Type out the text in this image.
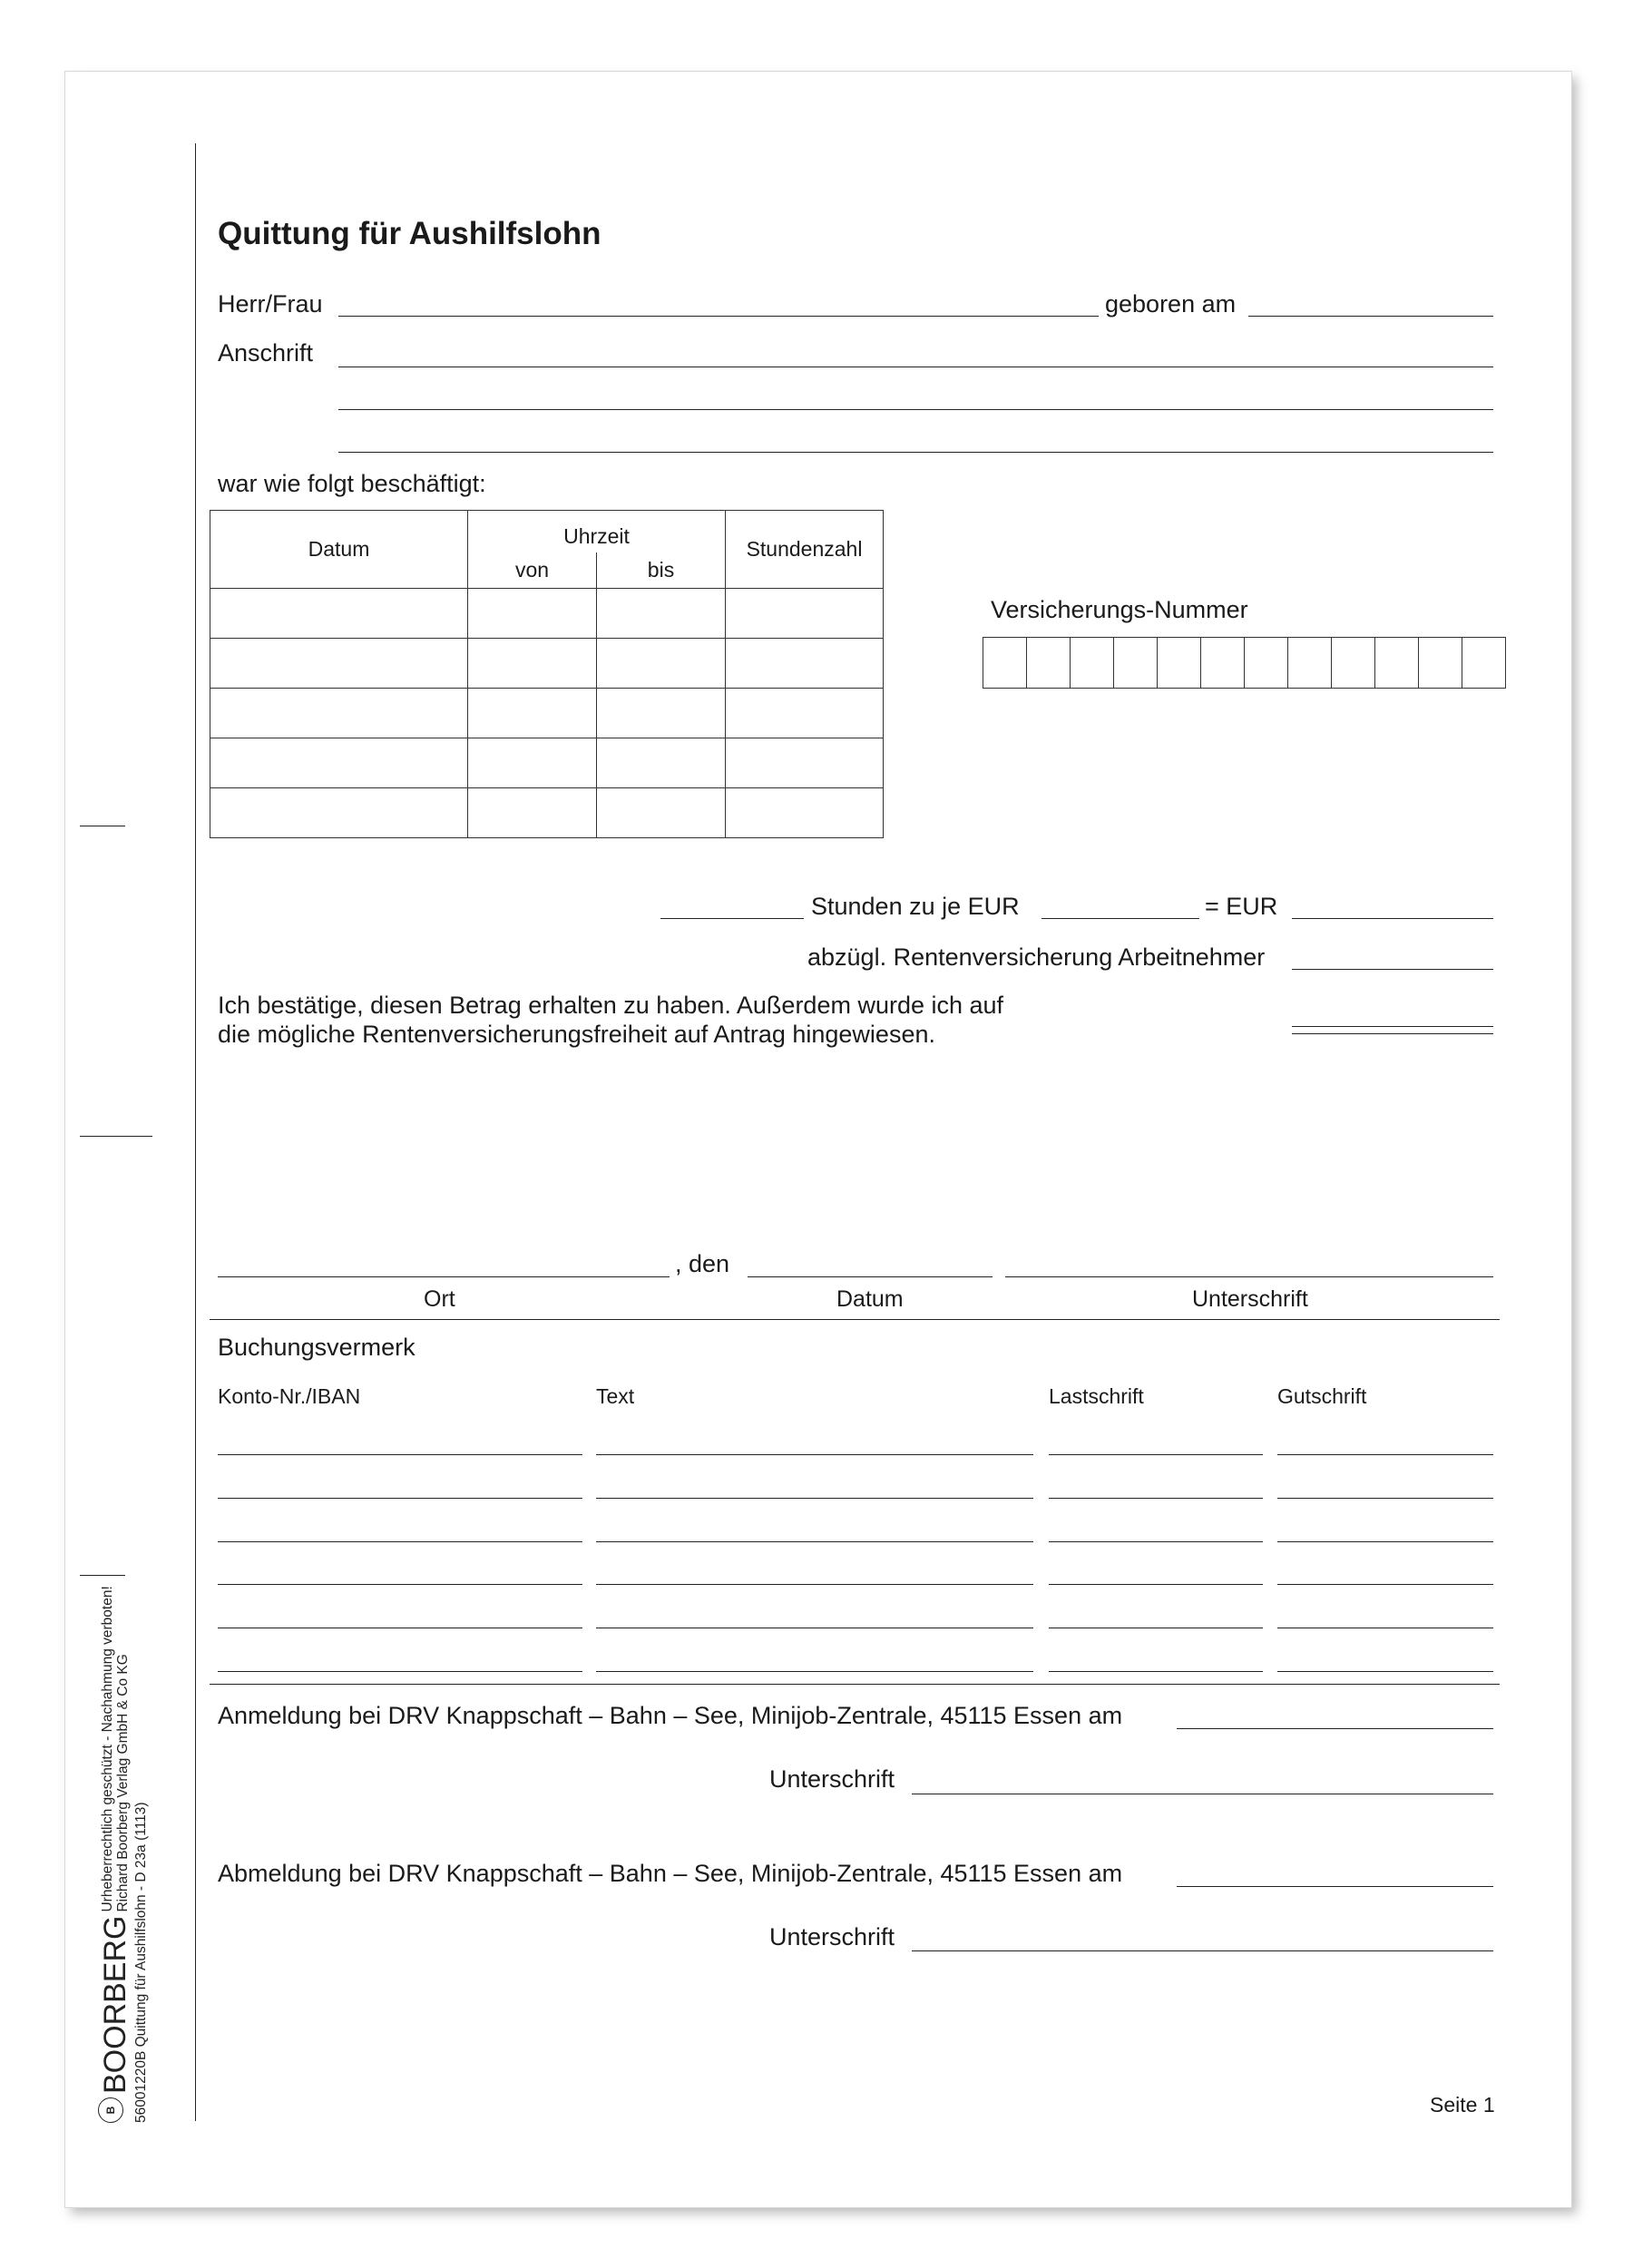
Quittung für Aushilfslohn
Herr/Frau	geboren am
Anschrift
war wie folgt beschäftigt:
Datum	Uhrzeit		Stundenzahl
	von	bis	

Versicherungs-Nummer
Stunden zu je EUR	= EUR
abzügl. Rentenversicherung Arbeitnehmer
Ich bestätige, diesen Betrag erhalten zu haben. Außerdem wurde ich auf
die mögliche Rentenversicherungsfreiheit auf Antrag hingewiesen.
, den
Ort	Datum	Unterschrift
Buchungsvermerk
Konto-Nr./IBAN	Text	Lastschrift	Gutschrift
Anmeldung bei DRV Knappschaft – Bahn – See, Minijob-Zentrale, 45115 Essen am
Unterschrift
Abmeldung bei DRV Knappschaft – Bahn – See, Minijob-Zentrale, 45115 Essen am
Unterschrift
Seite 1
B
BOORBERG
Urheberrechtlich geschützt - Nachahmung verboten! Richard Boorberg Verlag GmbH & Co KG
56001220B Quittung für Aushilfslohn - D 23a (1113)
